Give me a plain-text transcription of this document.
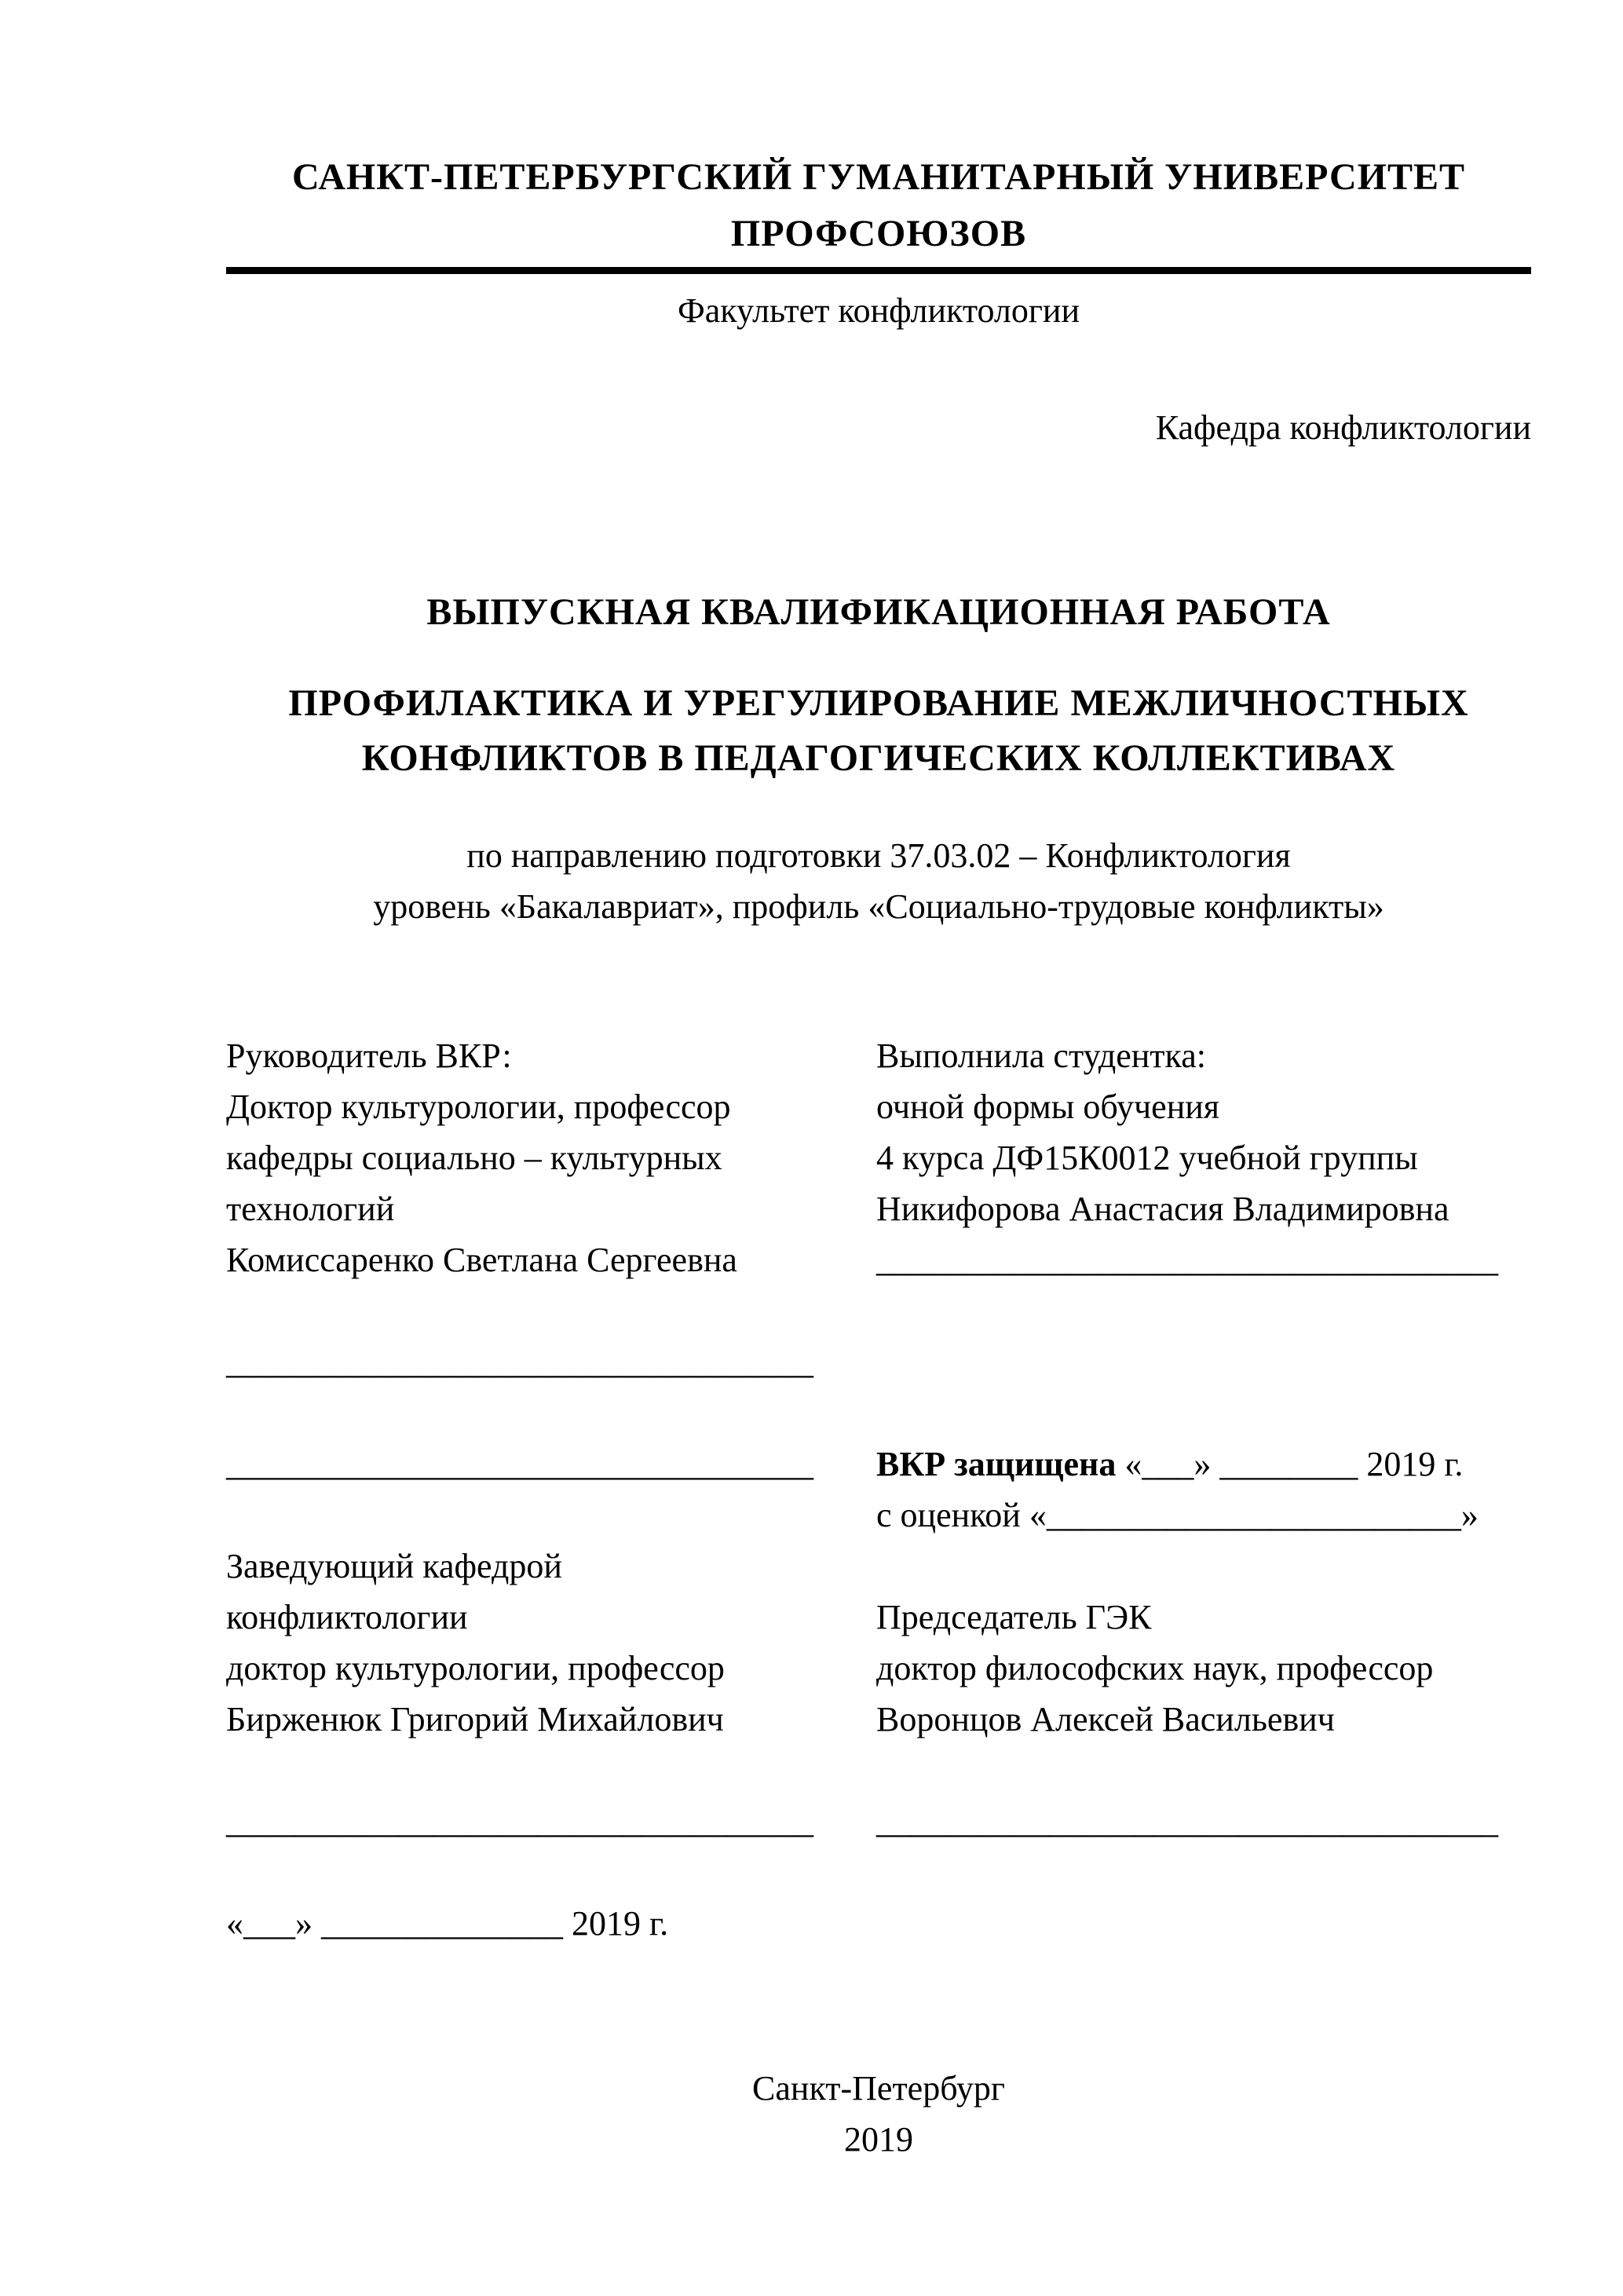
САНКТ-ПЕТЕРБУРГСКИЙ ГУМАНИТАРНЫЙ УНИВЕРСИТЕТ
ПРОФСОЮЗОВ
Факультет конфликтологии
Кафедра конфликтологии
ВЫПУСКНАЯ КВАЛИФИКАЦИОННАЯ РАБОТА
ПРОФИЛАКТИКА И УРЕГУЛИРОВАНИЕ МЕЖЛИЧНОСТНЫХ
КОНФЛИКТОВ В ПЕДАГОГИЧЕСКИХ КОЛЛЕКТИВАХ
по направлению подготовки 37.03.02 – Конфликтология
уровень «Бакалавриат», профиль «Социально-трудовые конфликты»
Руководитель ВКР:
Доктор культурологии, профессор
кафедры социально – культурных
технологий
Комиссаренко Светлана Сергеевна

__________________________________

__________________________________

Заведующий кафедрой
конфликтологии
доктор культурологии, профессор
Бирженюк Григорий Михайлович

__________________________________

«___» ______________ 2019 г.
Выполнила студентка:
очной формы обучения
4 курса ДФ15К0012 учебной группы
Никифорова Анастасия Владимировна
____________________________________

ВКР защищена «___» ________ 2019 г.
с оценкой «________________________»

Председатель ГЭК
доктор философских наук, профессор
Воронцов Алексей Васильевич

____________________________________

Санкт-Петербург
2019
